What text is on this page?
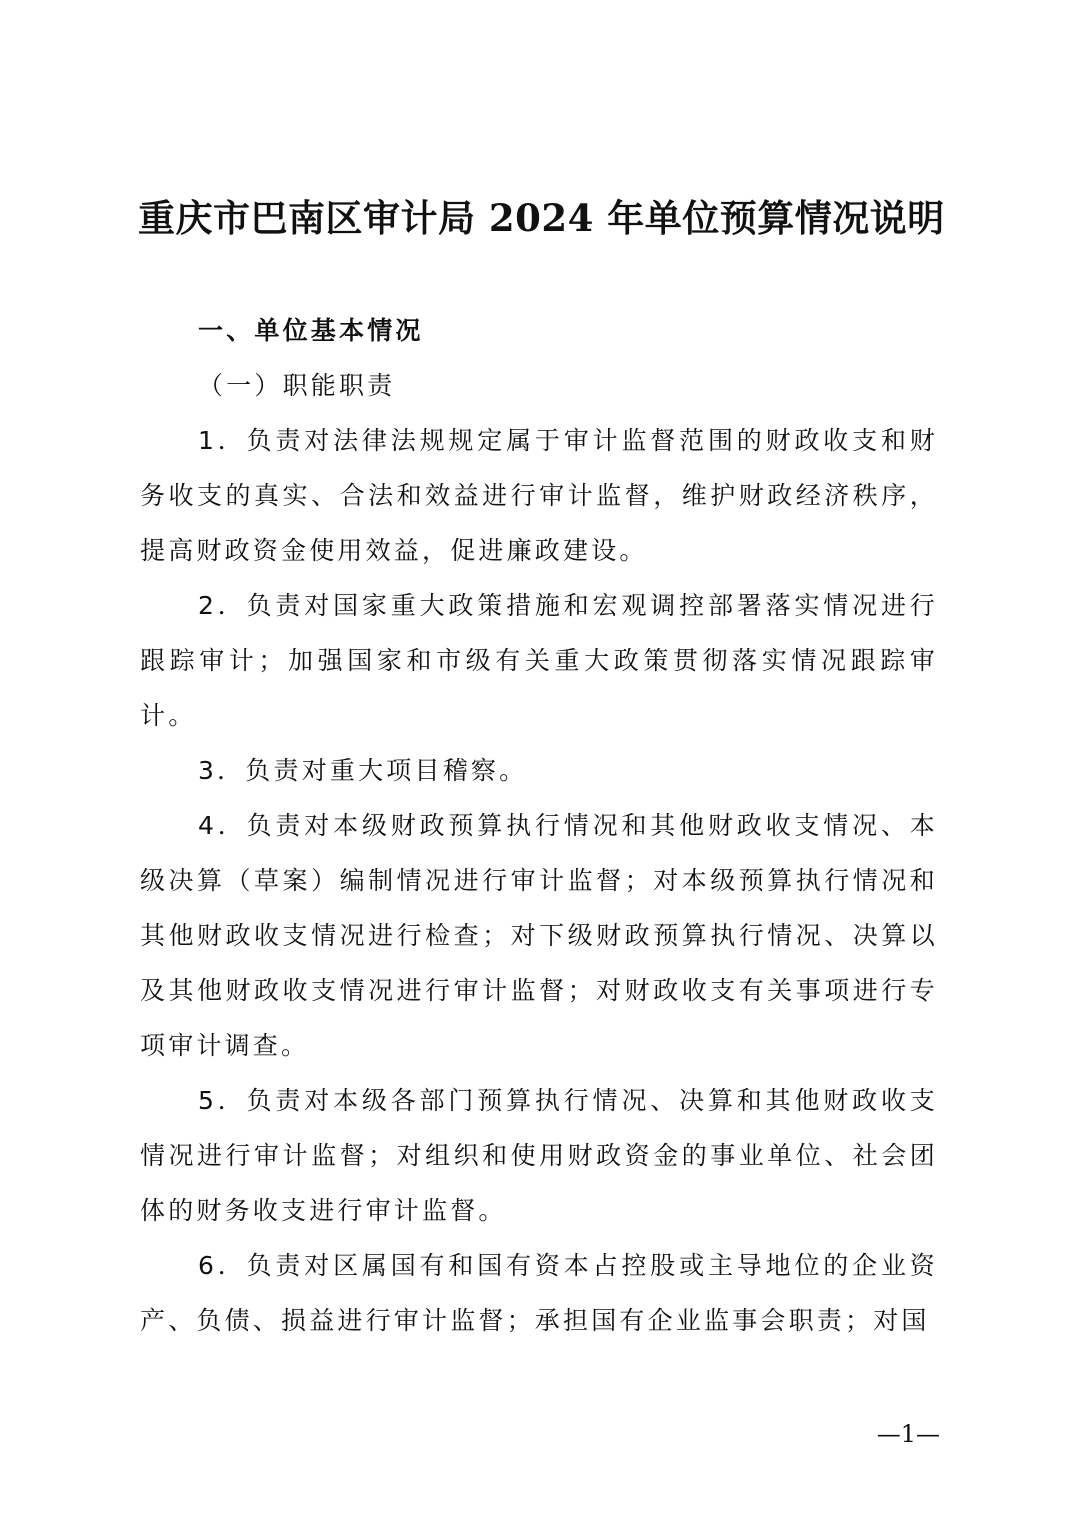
重庆市巴南区审计局 2024 年单位预算情况说明

一、单位基本情况

（一）职能职责

1．负责对法律法规规定属于审计监督范围的财政收支和财务收支的真实、合法和效益进行审计监督，维护财政经济秩序，提高财政资金使用效益，促进廉政建设。

2．负责对国家重大政策措施和宏观调控部署落实情况进行跟踪审计；加强国家和市级有关重大政策贯彻落实情况跟踪审计。

3．负责对重大项目稽察。

4．负责对本级财政预算执行情况和其他财政收支情况、本级决算（草案）编制情况进行审计监督；对本级预算执行情况和其他财政收支情况进行检查；对下级财政预算执行情况、决算以及其他财政收支情况进行审计监督；对财政收支有关事项进行专项审计调查。

5．负责对本级各部门预算执行情况、决算和其他财政收支情况进行审计监督；对组织和使用财政资金的事业单位、社会团体的财务收支进行审计监督。

6．负责对区属国有和国有资本占控股或主导地位的企业资产、负债、损益进行审计监督；承担国有企业监事会职责；对国

—1—
